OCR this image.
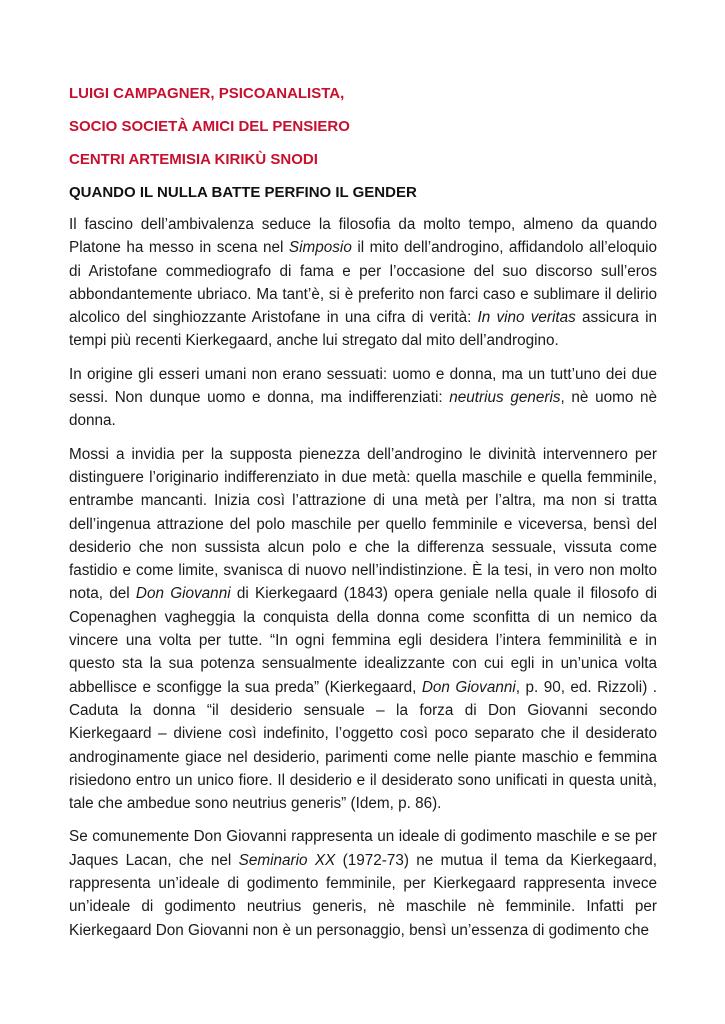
LUIGI CAMPAGNER, PSICOANALISTA,

SOCIO SOCIETÀ AMICI DEL PENSIERO

CENTRI ARTEMISIA KIRIKÙ SNODI

QUANDO IL NULLA BATTE PERFINO IL GENDER

Il fascino dell’ambivalenza seduce la filosofia da molto tempo, almeno da quando Platone ha messo in scena nel Simposio il mito dell’androgino, affidandolo all’eloquio di Aristofane commediografo di fama e per l’occasione del suo discorso sull’eros abbondantemente ubriaco. Ma tant’è, si è preferito non farci caso e sublimare il delirio alcolico del singhiozzante Aristofane in una cifra di verità: In vino veritas assicura in tempi più recenti Kierkegaard, anche lui stregato dal mito dell’androgino.

In origine gli esseri umani non erano sessuati: uomo e donna, ma un tutt’uno dei due sessi. Non dunque uomo e donna, ma indifferenziati: neutrius generis, nè uomo nè donna.

Mossi a invidia per la supposta pienezza dell’androgino le divinità intervennero per distinguere l’originario indifferenziato in due metà: quella maschile e quella femminile, entrambe mancanti. Inizia così l’attrazione di una metà per l’altra, ma non si tratta dell’ingenua attrazione del polo maschile per quello femminile e viceversa, bensì del desiderio che non sussista alcun polo e che la differenza sessuale, vissuta come fastidio e come limite, svanisca di nuovo nell’indistinzione. È la tesi, in vero non molto nota, del Don Giovanni di Kierkegaard (1843) opera geniale nella quale il filosofo di Copenaghen vagheggia la conquista della donna come sconfitta di un nemico da vincere una volta per tutte. “In ogni femmina egli desidera l’intera femminilità e in questo sta la sua potenza sensualmente idealizzante con cui egli in un’unica volta abbellisce e sconfigge la sua preda” (Kierkegaard, Don Giovanni, p. 90, ed. Rizzoli) . Caduta la donna “il desiderio sensuale – la forza di Don Giovanni secondo Kierkegaard – diviene così indefinito, l’oggetto così poco separato che il desiderato androginamente giace nel desiderio, parimenti come nelle piante maschio e femmina risiedono entro un unico fiore. Il desiderio e il desiderato sono unificati in questa unità, tale che ambedue sono neutrius generis” (Idem, p. 86).

Se comunemente Don Giovanni rappresenta un ideale di godimento maschile e se per Jaques Lacan, che nel Seminario XX (1972-73) ne mutua il tema da Kierkegaard, rappresenta un’ideale di godimento femminile, per Kierkegaard rappresenta invece un’ideale di godimento neutrius generis, nè maschile nè femminile. Infatti per Kierkegaard Don Giovanni non è un personaggio, bensì un’essenza di godimento che
